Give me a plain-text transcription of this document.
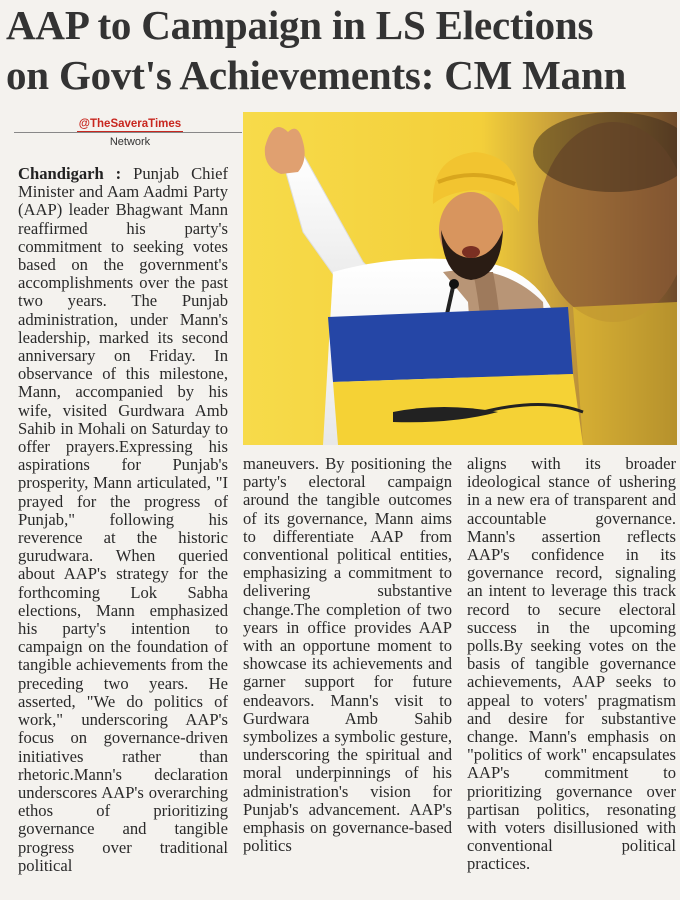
AAP to Campaign in LS Elections
on Govt's Achievements: CM Mann
@TheSaveraTimes
Network

Chandigarh : Punjab Chief Minister and Aam Aadmi Party (AAP) leader Bhagwant Mann reaffirmed his party's commitment to seeking votes based on the government's accomplishments over the past two years. The Punjab administration, under Mann's leadership, marked its second anniversary on Friday. In observance of this milestone, Mann, accompanied by his wife, visited Gurdwara Amb Sahib in Mohali on Saturday to offer prayers.Expressing his aspirations for Punjab's prosperity, Mann articulated, "I prayed for the progress of Punjab," following his reverence at the historic gurudwara. When queried about AAP's strategy for the forthcoming Lok Sabha elections, Mann emphasized his party's intention to campaign on the foundation of tangible achievements from the preceding two years. He asserted, "We do politics of work," underscoring AAP's focus on governance-driven initiatives rather than rhetoric.Mann's declaration underscores AAP's overarching ethos of prioritizing governance and tangible progress over traditional political

maneuvers. By positioning the party's electoral campaign around the tangible outcomes of its governance, Mann aims to differentiate AAP from conventional political entities, emphasizing a commitment to delivering substantive change.The completion of two years in office provides AAP with an opportune moment to showcase its achievements and garner support for future endeavors. Mann's visit to Gurdwara Amb Sahib symbolizes a symbolic gesture, underscoring the spiritual and moral underpinnings of his administration's vision for Punjab's advancement. AAP's emphasis on governance-based politics

aligns with its broader ideological stance of ushering in a new era of transparent and accountable governance. Mann's assertion reflects AAP's confidence in its governance record, signaling an intent to leverage this track record to secure electoral success in the upcoming polls.By seeking votes on the basis of tangible governance achievements, AAP seeks to appeal to voters' pragmatism and desire for substantive change. Mann's emphasis on "politics of work" encapsulates AAP's commitment to prioritizing governance over partisan politics, resonating with voters disillusioned with conventional political practices.
